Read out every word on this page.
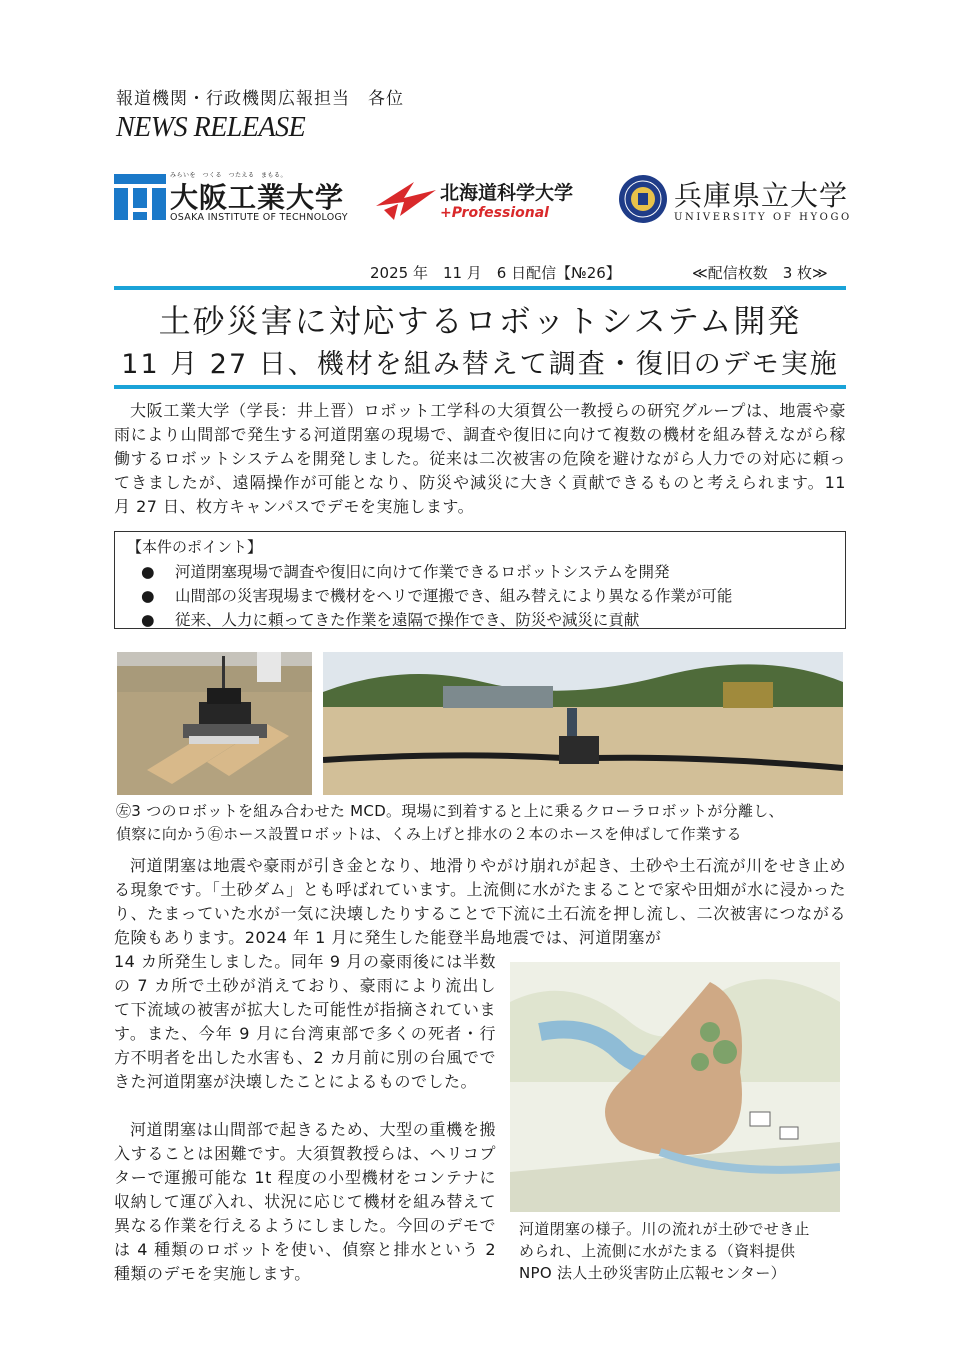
報道機関・行政機関広報担当　各位
NEWS RELEASE
みらいを　つくる　つたえる　まもる。
大阪工業大学
OSAKA INSTITUTE OF TECHNOLOGY
北海道科学大学
+Professional
兵庫県立大学
UNIVERSITY OF HYOGO
2025 年　11 月　6 日配信【№26】	≪配信枚数　3 枚≫
土砂災害に対応するロボットシステム開発
11 月 27 日、機材を組み替えて調査・復旧のデモ実施
大阪工業大学（学長：井上晋）ロボット工学科の大須賀公一教授らの研究グループは、地震や豪雨により山間部で発生する河道閉塞の現場で、調査や復旧に向けて複数の機材を組み替えながら稼働するロボットシステムを開発しました。従来は二次被害の危険を避けながら人力での対応に頼ってきましたが、遠隔操作が可能となり、防災や減災に大きく貢献できるものと考えられます。11 月 27 日、枚方キャンパスでデモを実施します。
【本件のポイント】
● 河道閉塞現場で調査や復旧に向けて作業できるロボットシステムを開発
● 山間部の災害現場まで機材をヘリで運搬でき、組み替えにより異なる作業が可能
● 従来、人力に頼ってきた作業を遠隔で操作でき、防災や減災に貢献
㊧3 つのロボットを組み合わせた MCD。現場に到着すると上に乗るクローラロボットが分離し、
偵察に向かう㊨ホース設置ロボットは、くみ上げと排水の２本のホースを伸ばして作業する
河道閉塞は地震や豪雨が引き金となり、地滑りやがけ崩れが起き、土砂や土石流が川をせき止める現象です。「土砂ダム」とも呼ばれています。上流側に水がたまることで家や田畑が水に浸かったり、たまっていた水が一気に決壊したりすることで下流に土石流を押し流し、二次被害につながる危険もあります。2024 年 1 月に発生した能登半島地震では、河道閉塞が
14 カ所発生しました。同年 9 月の豪雨後には半数の 7 カ所で土砂が消えており、豪雨により流出して下流域の被害が拡大した可能性が指摘されています。また、今年 9 月に台湾東部で多くの死者・行方不明者を出した水害も、2 カ月前に別の台風でできた河道閉塞が決壊したことによるものでした。
河道閉塞は山間部で起きるため、大型の重機を搬入することは困難です。大須賀教授らは、ヘリコプターで運搬可能な 1t 程度の小型機材をコンテナに収納して運び入れ、状況に応じて機材を組み替えて異なる作業を行えるようにしました。今回のデモでは 4 種類のロボットを使い、偵察と排水という 2 種類のデモを実施します。
河道閉塞の様子。川の流れが土砂でせき止
められ、上流側に水がたまる（資料提供
NPO 法人土砂災害防止広報センター）
